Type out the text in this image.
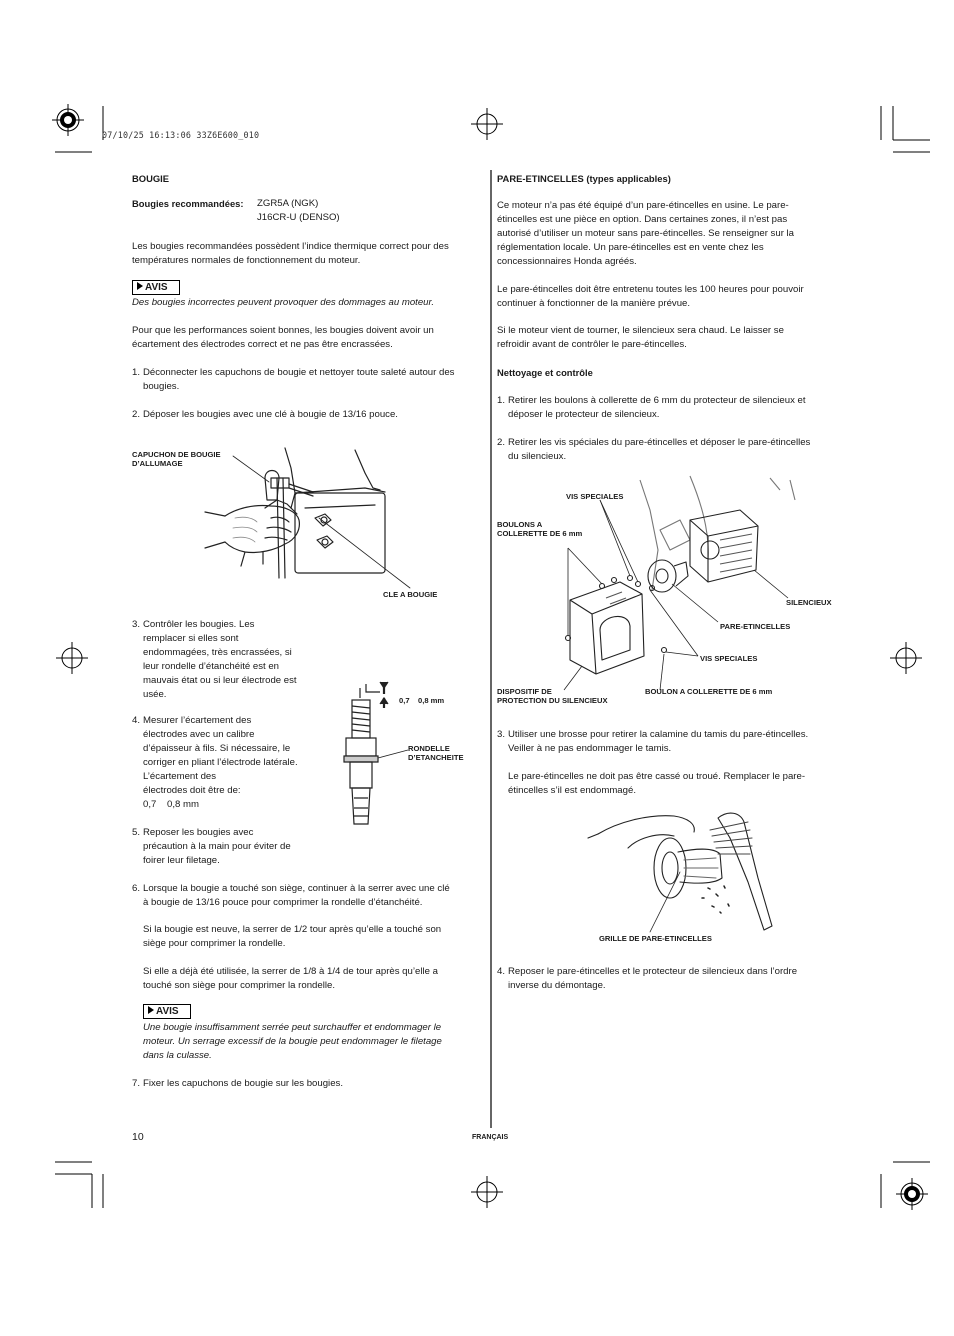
07/10/25 16:13:06 33Z6E600_010
BOUGIE
Bougies recommandées: ZGR5A (NGK)
J16CR-U (DENSO)
Les bougies recommandées possèdent l’indice thermique correct pour des
températures normales de fonctionnement du moteur.
AVIS
Des bougies incorrectes peuvent provoquer des dommages au moteur.
Pour que les performances soient bonnes, les bougies doivent avoir un
écartement des électrodes correct et ne pas être encrassées.
1. Déconnecter les capuchons de bougie et nettoyer toute saleté autour des
bougies.
2. Déposer les bougies avec une clé à bougie de 13/16 pouce.
CAPUCHON DE BOUGIE
D’ALLUMAGE
CLE A BOUGIE
3. Contrôler les bougies. Les
remplacer si elles sont
endommagées, très encrassées, si
leur rondelle d’étanchéité est en
mauvais état ou si leur électrode est
usée.
4. Mesurer l’écartement des
électrodes avec un calibre
d’épaisseur à fils. Si nécessaire, le
corriger en pliant l’électrode latérale.
L’écartement des
électrodes doit être de:
0,7    0,8 mm
0,7    0,8 mm
RONDELLE
D’ETANCHEITE
5. Reposer les bougies avec
précaution à la main pour éviter de
foirer leur filetage.
6. Lorsque la bougie a touché son siège, continuer à la serrer avec une clé
à bougie de 13/16 pouce pour comprimer la rondelle d’étanchéité.
Si la bougie est neuve, la serrer de 1/2 tour après qu’elle a touché son
siège pour comprimer la rondelle.
Si elle a déjà été utilisée, la serrer de 1/8 à 1/4 de tour après qu’elle a
touché son siège pour comprimer la rondelle.
AVIS
Une bougie insuffisamment serrée peut surchauffer et endommager le
moteur. Un serrage excessif de la bougie peut endommager le filetage
dans la culasse.
7. Fixer les capuchons de bougie sur les bougies.
PARE-ETINCELLES (types applicables)
Ce moteur n’a pas été équipé d’un pare-étincelles en usine. Le pare-
étincelles est une pièce en option. Dans certaines zones, il n’est pas
autorisé d’utiliser un moteur sans pare-étincelles. Se renseigner sur la
réglementation locale. Un pare-étincelles est en vente chez les
concessionnaires Honda agréés.
Le pare-étincelles doit être entretenu toutes les 100 heures pour pouvoir
continuer à fonctionner de la manière prévue.
Si le moteur vient de tourner, le silencieux sera chaud. Le laisser se
refroidir avant de contrôler le pare-étincelles.
Nettoyage et contrôle
1. Retirer les boulons à collerette de 6 mm du protecteur de silencieux et
déposer le protecteur de silencieux.
2. Retirer les vis spéciales du pare-étincelles et déposer le pare-étincelles
du silencieux.
VIS SPECIALES
BOULONS A
COLLERETTE DE 6 mm
SILENCIEUX
PARE-ETINCELLES
VIS SPECIALES
DISPOSITIF DE
PROTECTION DU SILENCIEUX
BOULON A COLLERETTE DE 6 mm
3. Utiliser une brosse pour retirer la calamine du tamis du pare-étincelles.
Veiller à ne pas endommager le tamis.
Le pare-étincelles ne doit pas être cassé ou troué. Remplacer le pare-
étincelles s’il est endommagé.
GRILLE DE PARE-ETINCELLES
4. Reposer le pare-étincelles et le protecteur de silencieux dans l’ordre
inverse du démontage.
10	FRANÇAIS
